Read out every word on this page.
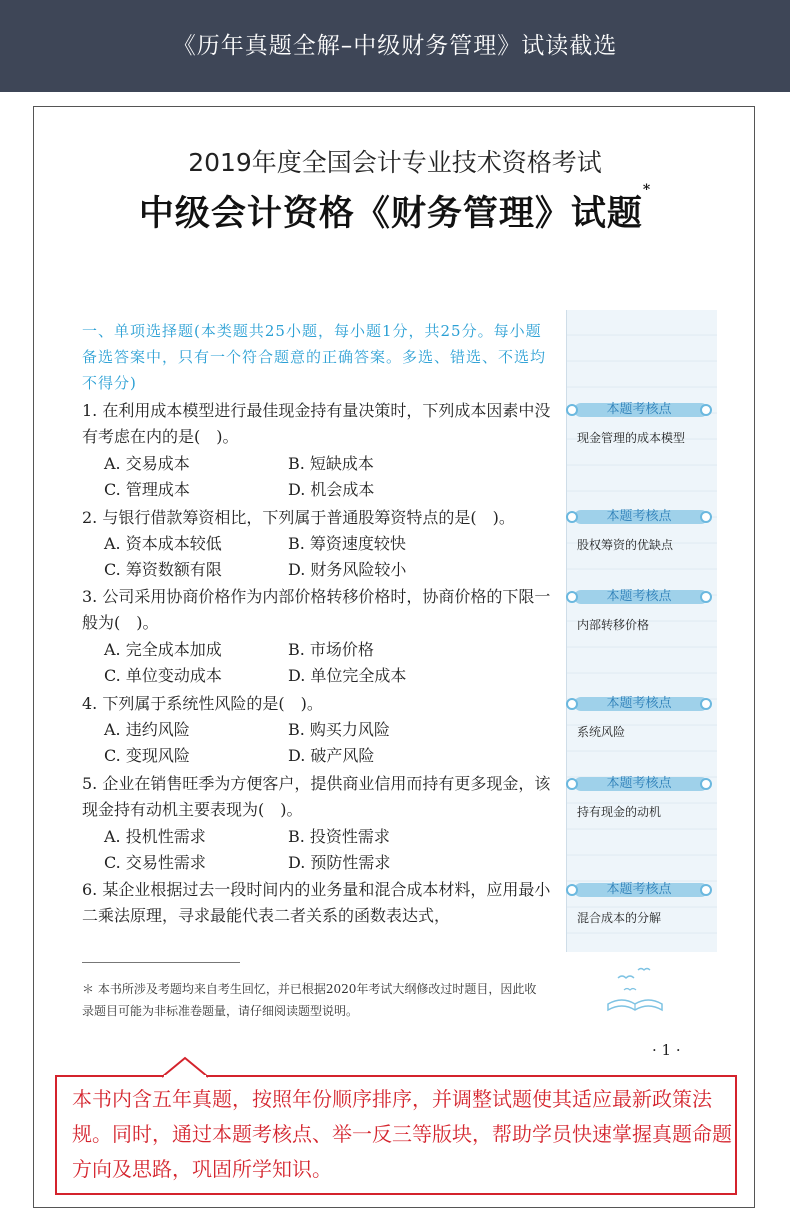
《历年真题全解–中级财务管理》试读截选
2019年度全国会计专业技术资格考试
中级会计资格《财务管理》试题*
一、单项选择题(本类题共25小题，每小题1分，共25分。每小题备选答案中，只有一个符合题意的正确答案。多选、错选、不选均不得分)
1. 在利用成本模型进行最佳现金持有量决策时，下列成本因素中没有考虑在内的是(　)。
A. 交易成本	B. 短缺成本
C. 管理成本	D. 机会成本
2. 与银行借款筹资相比，下列属于普通股筹资特点的是(　)。
A. 资本成本较低	B. 筹资速度较快
C. 筹资数额有限	D. 财务风险较小
3. 公司采用协商价格作为内部价格转移价格时，协商价格的下限一般为(　)。
A. 完全成本加成	B. 市场价格
C. 单位变动成本	D. 单位完全成本
4. 下列属于系统性风险的是(　)。
A. 违约风险	B. 购买力风险
C. 变现风险	D. 破产风险
5. 企业在销售旺季为方便客户，提供商业信用而持有更多现金，该现金持有动机主要表现为(　)。
A. 投机性需求	B. 投资性需求
C. 交易性需求	D. 预防性需求
6. 某企业根据过去一段时间内的业务量和混合成本材料，应用最小二乘法原理，寻求最能代表二者关系的函数表达式，
本题考核点
现金管理的成本模型
本题考核点
股权筹资的优缺点
本题考核点
内部转移价格
本题考核点
系统风险
本题考核点
持有现金的动机
本题考核点
混合成本的分解
＊ 本书所涉及考题均来自考生回忆，并已根据2020年考试大纲修改过时题目，因此收录题目可能为非标准卷题量，请仔细阅读题型说明。
· 1 ·
本书内含五年真题，按照年份顺序排序，并调整试题使其适应最新政策法规。同时，通过本题考核点、举一反三等版块，帮助学员快速掌握真题命题方向及思路，巩固所学知识。
